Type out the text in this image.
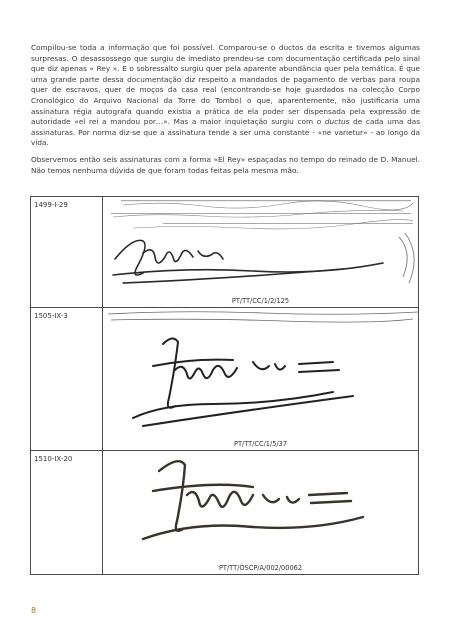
Compilou-se toda a informação que foi possível. Comparou-se o ductos da escrita e tivemos algumas surpresas. O desassossego que surgiu de imediato prendeu-se com documentação certificada pelo sinal que diz apenas « Rey ». E o sobressalto surgiu quer pela aparente abundância quer pela temática. É que uma grande parte dessa documentação diz respeito a mandados de pagamento de verbas para roupa quer de escravos, quer de moços da casa real (encontrando-se hoje guardados na colecção Corpo Cronológico do Arquivo Nacional da Torre do Tombo) o que, aparentemente, não justificaria uma assinatura régia autografa quando existia a prática de ela poder ser dispensada pela expressão de autoridade «el rei a mandou por…». Mas a maior inquietação surgiu com o ductus de cada uma das assinaturas. Por norma diz-se que a assinatura tende a ser uma constante - «ne varietur» - ao longo da vida.

Observemos então seis assinaturas com a forma «El Rey» espaçadas no tempo do reinado de D. Manuel. Não temos nenhuma dúvida de que foram todas feitas pela mesma mão.

1499-I-29	PT/TT/CC/1/2/125

1505-IX-3	PT/TT/CC/1/5/37

1510-IX-20	PT/TT/OSCP/A/002/00062
8
